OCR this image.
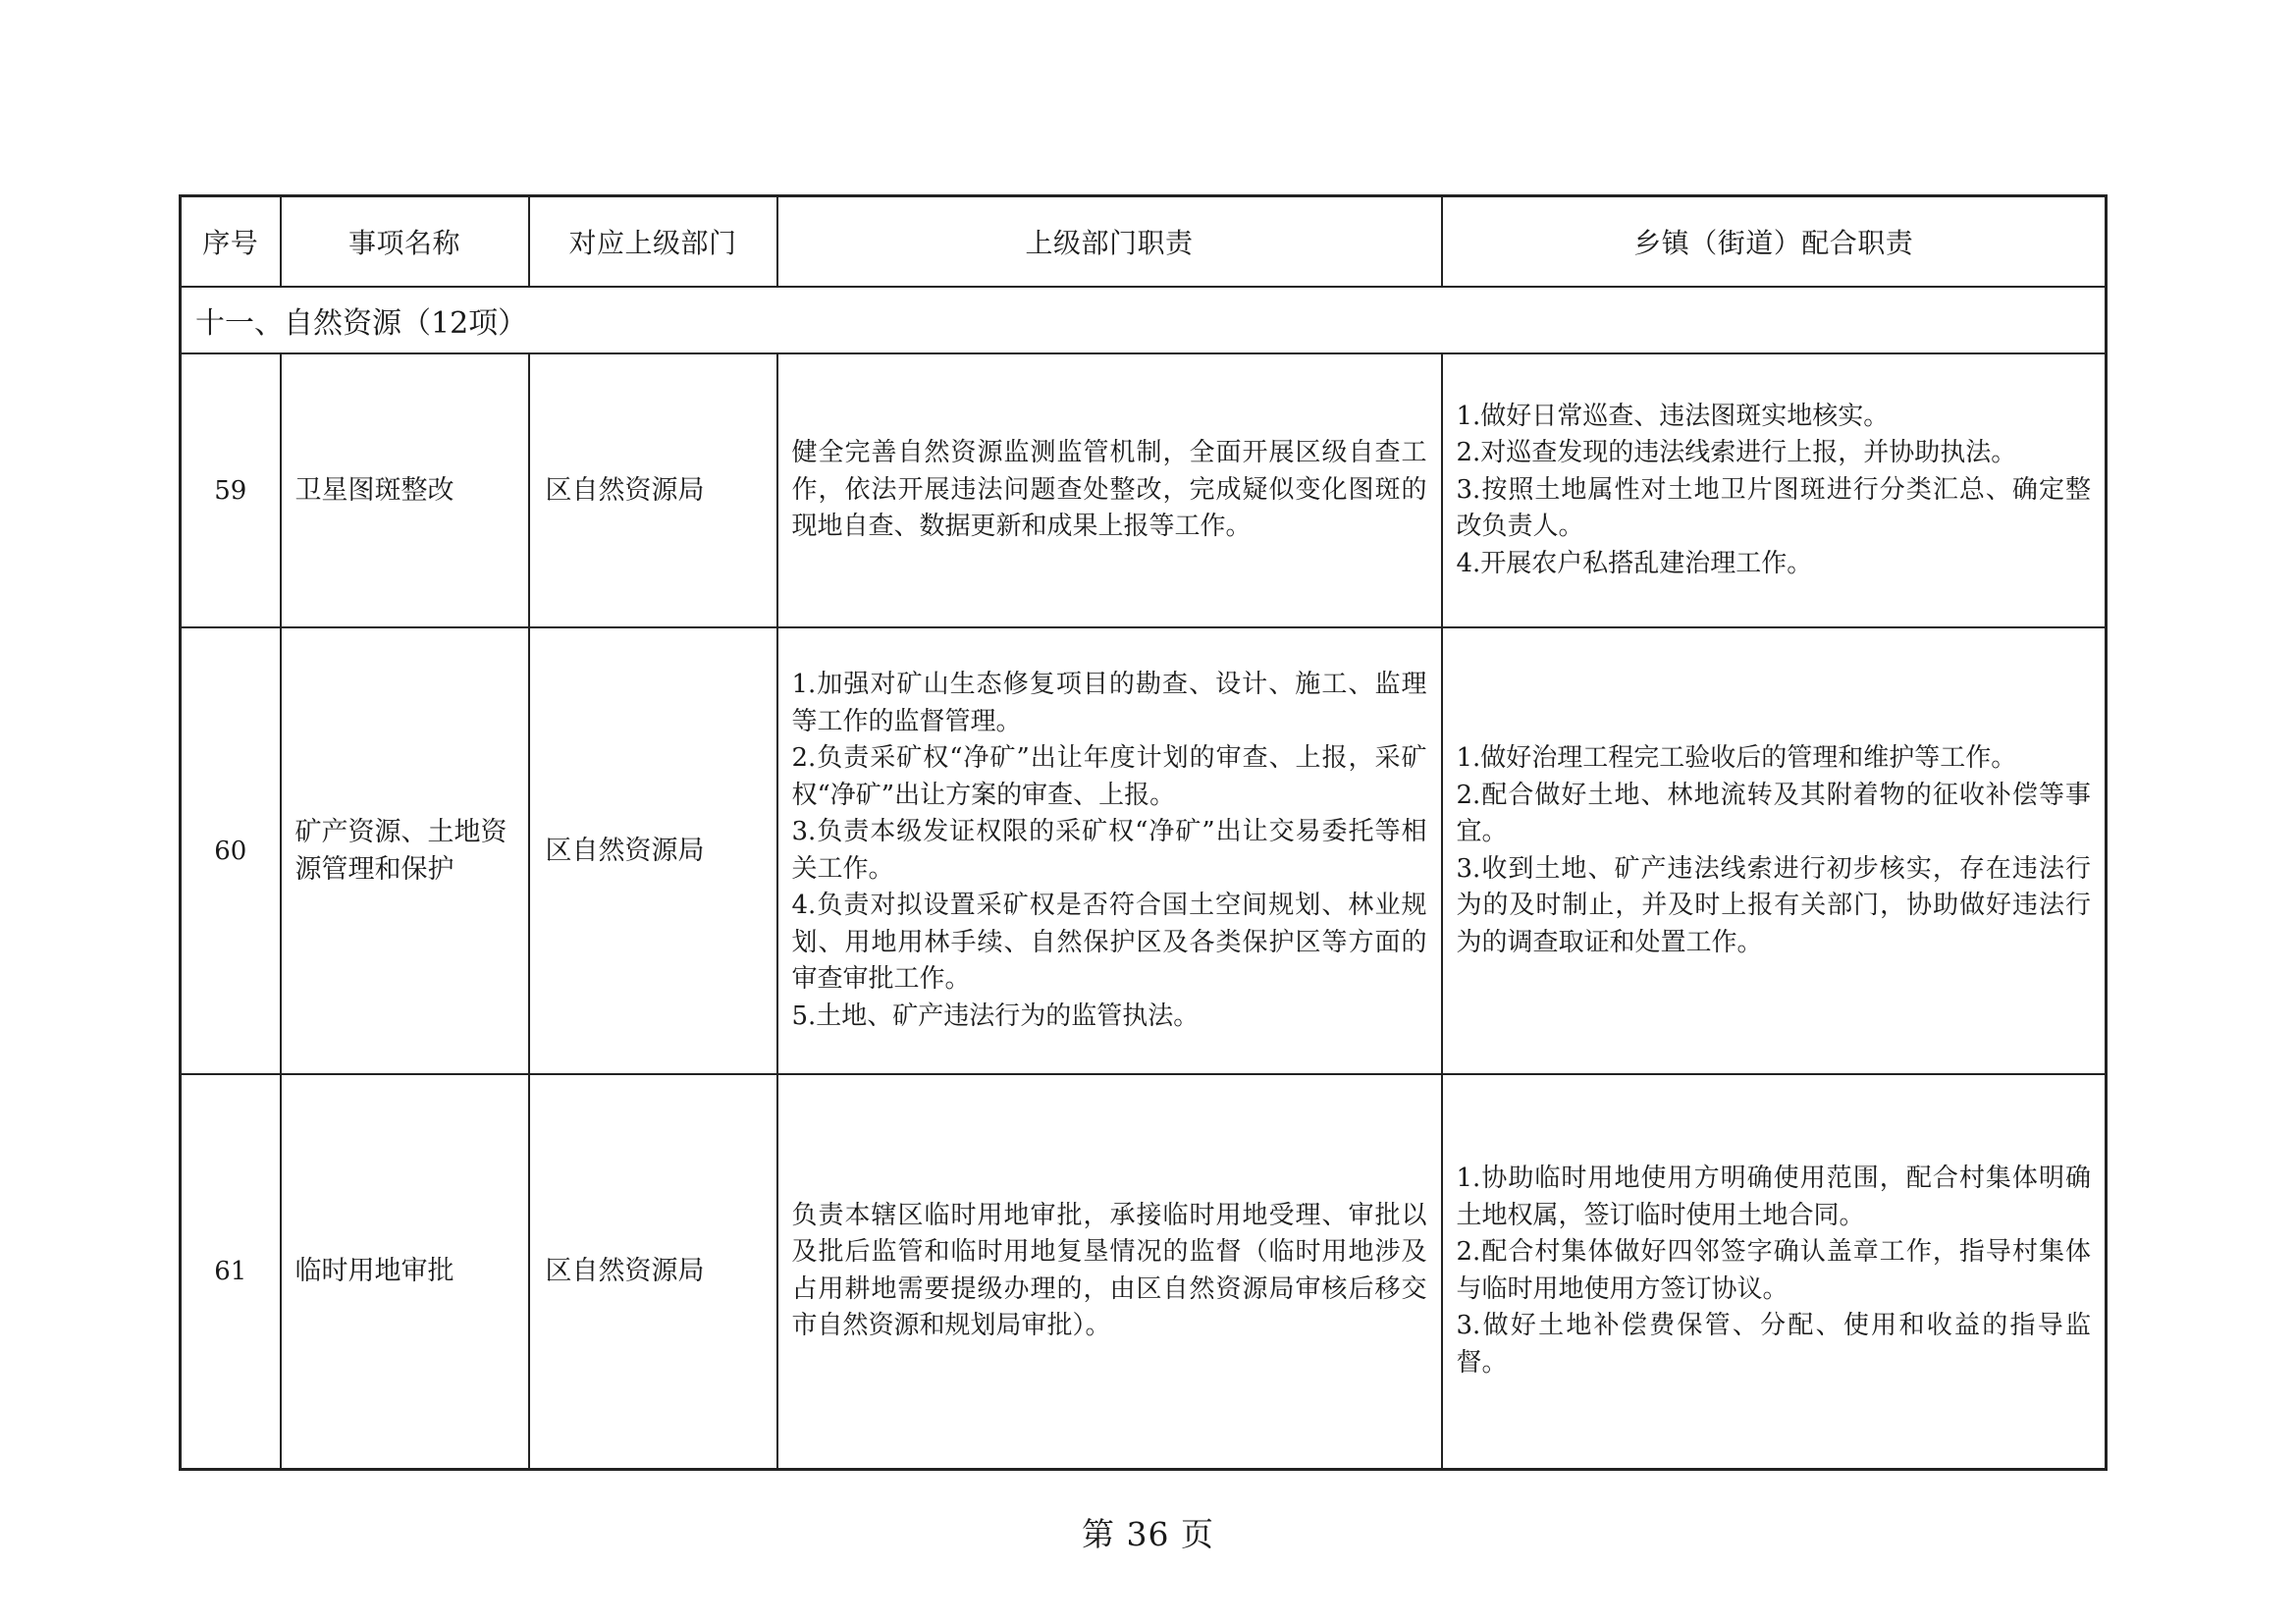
序号	事项名称	对应上级部门	上级部门职责	乡镇（街道）配合职责
十一、自然资源（12项）				
59	卫星图斑整改	区自然资源局	健全完善自然资源监测监管机制，全面开展区级自查工作，依法开展违法问题查处整改，完成疑似变化图斑的现地自查、数据更新和成果上报等工作。	1.做好日常巡查、违法图斑实地核实。
2.对巡查发现的违法线索进行上报，并协助执法。
3.按照土地属性对土地卫片图斑进行分类汇总、确定整改负责人。
4.开展农户私搭乱建治理工作。

60	矿产资源、土地资源管理和保护	区自然资源局	1.加强对矿山生态修复项目的勘查、设计、施工、监理等工作的监督管理。
2.负责采矿权“净矿”出让年度计划的审查、上报，采矿权“净矿”出让方案的审查、上报。
3.负责本级发证权限的采矿权“净矿”出让交易委托等相关工作。
4.负责对拟设置采矿权是否符合国土空间规划、林业规划、用地用林手续、自然保护区及各类保护区等方面的审查审批工作。
5.土地、矿产违法行为的监管执法。	1.做好治理工程完工验收后的管理和维护等工作。
2.配合做好土地、林地流转及其附着物的征收补偿等事宜。
3.收到土地、矿产违法线索进行初步核实，存在违法行为的及时制止，并及时上报有关部门，协助做好违法行为的调查取证和处置工作。

61	临时用地审批	区自然资源局	负责本辖区临时用地审批，承接临时用地受理、审批以及批后监管和临时用地复垦情况的监督（临时用地涉及占用耕地需要提级办理的，由区自然资源局审核后移交市自然资源和规划局审批）。	1.协助临时用地使用方明确使用范围，配合村集体明确土地权属，签订临时使用土地合同。
2.配合村集体做好四邻签字确认盖章工作，指导村集体与临时用地使用方签订协议。
3.做好土地补偿费保管、分配、使用和收益的指导监督。
第 36 页
